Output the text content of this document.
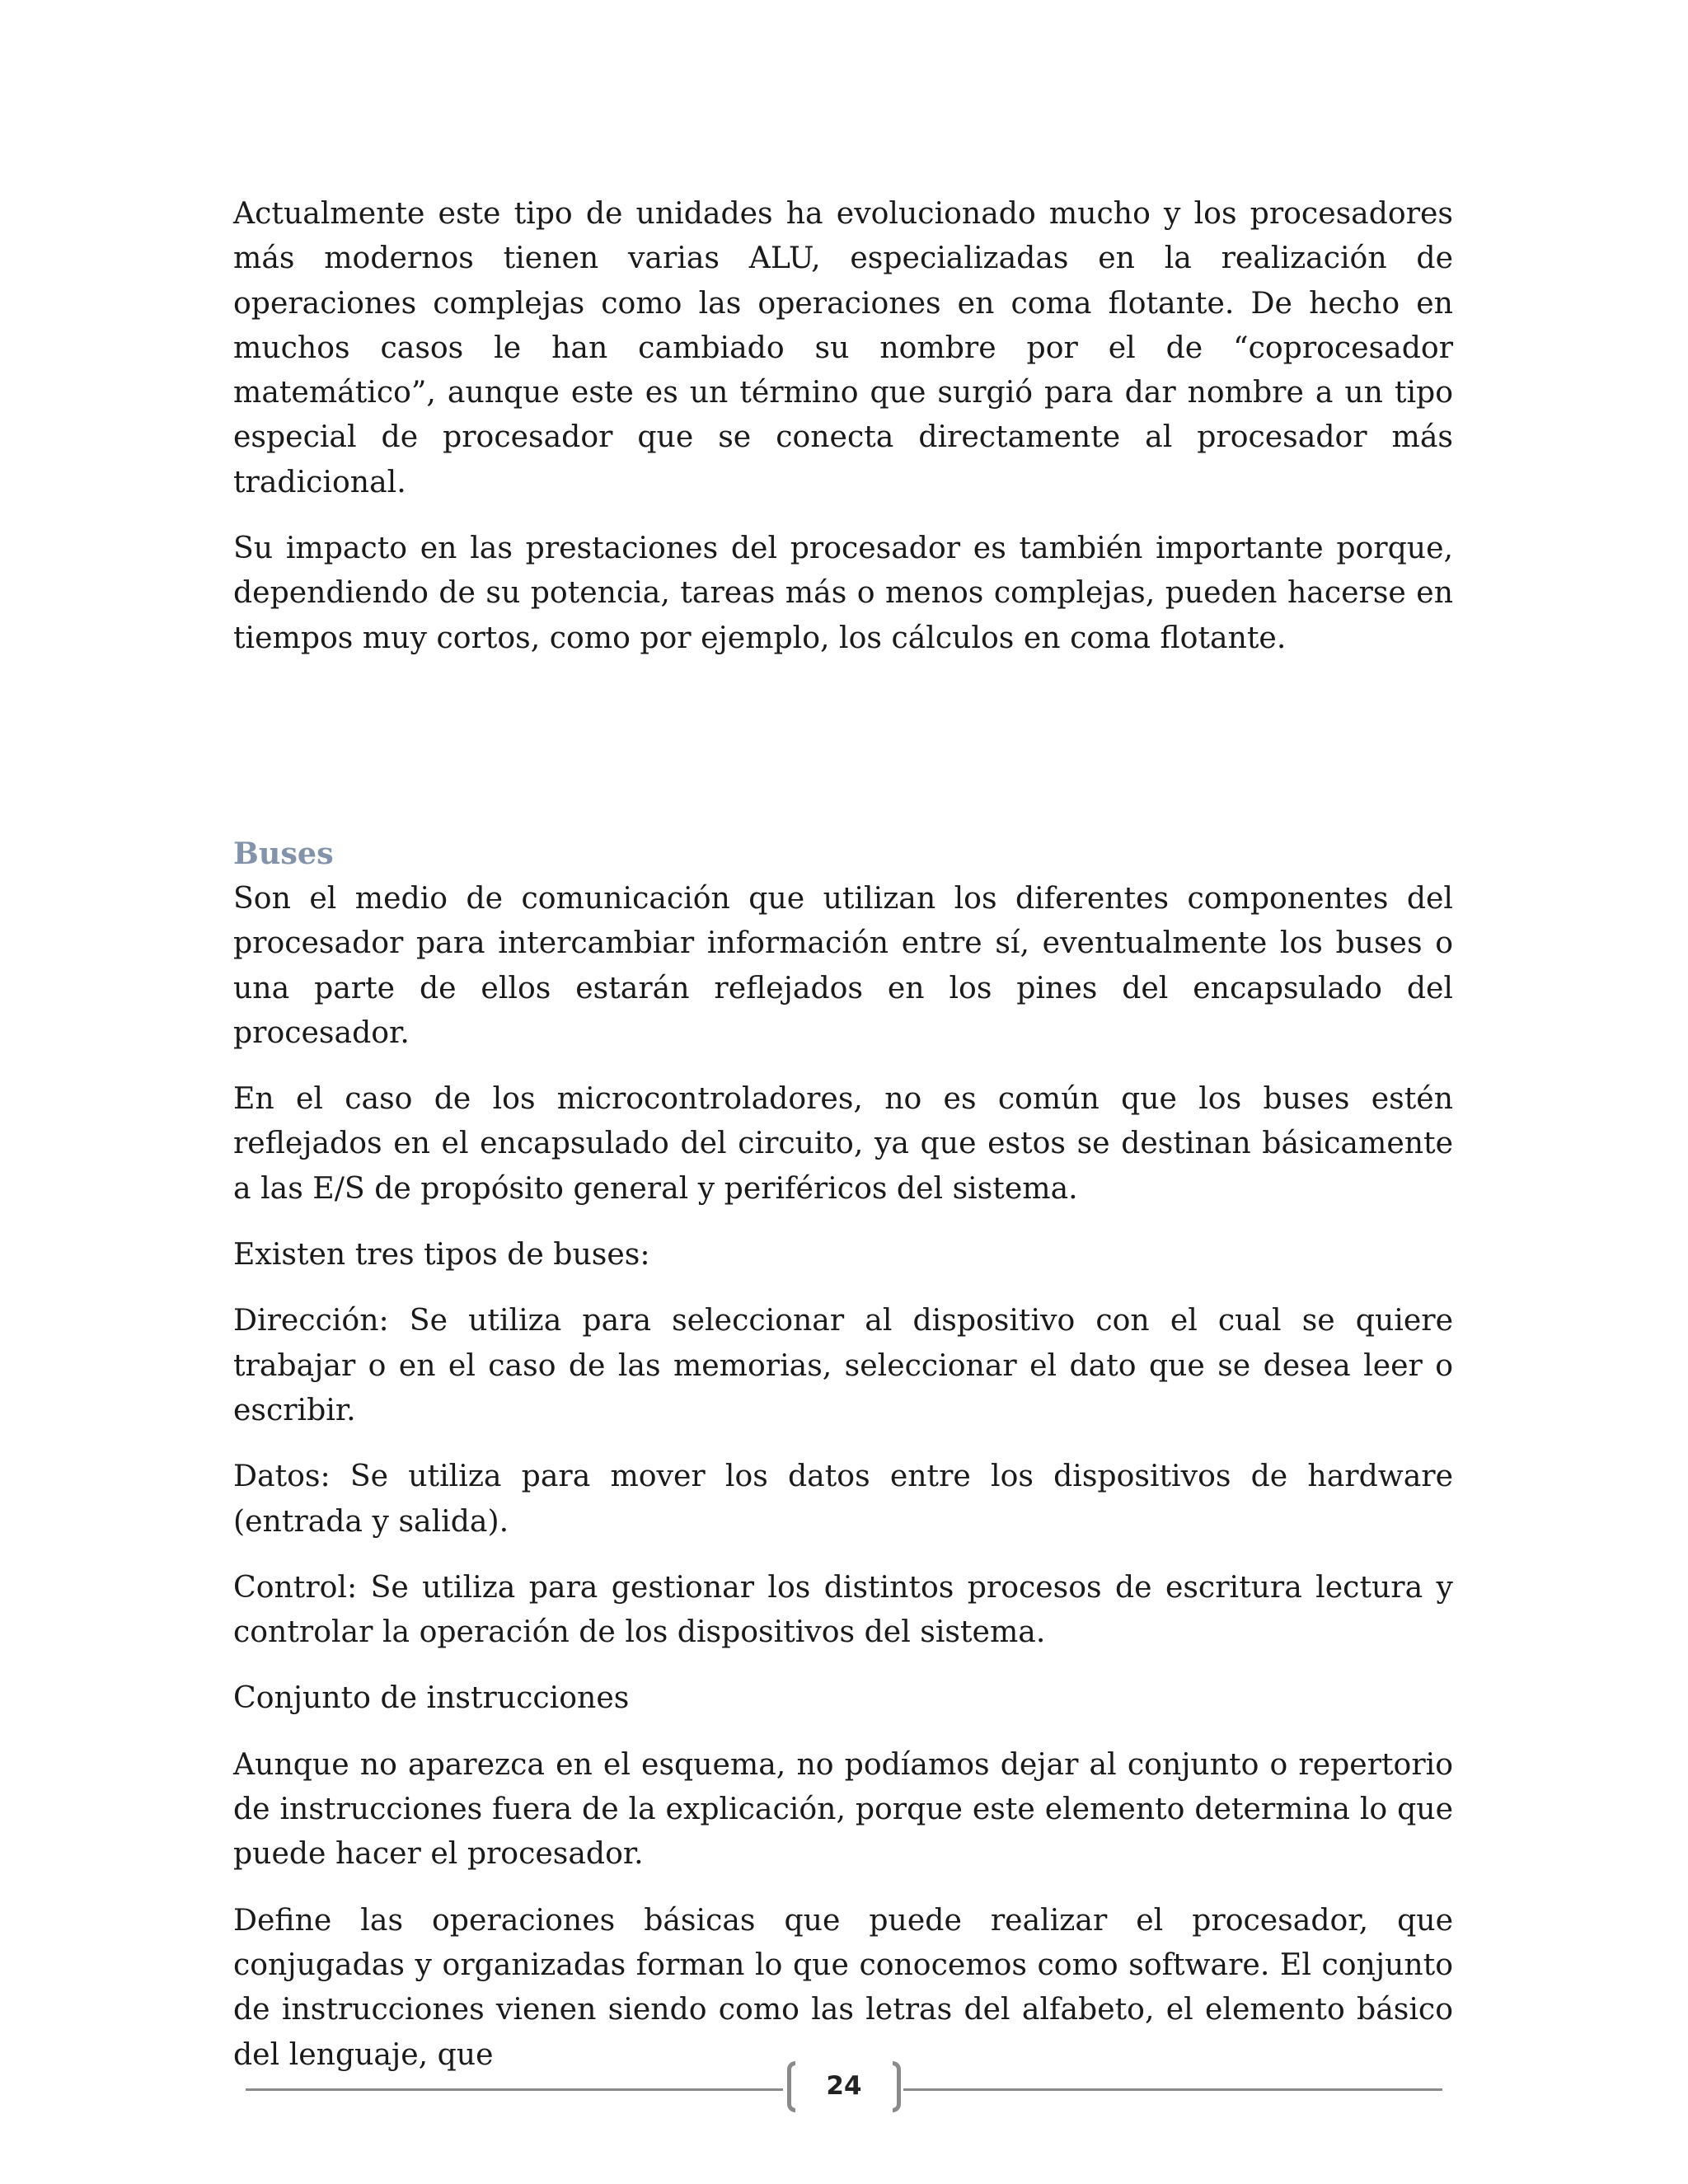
Actualmente este tipo de unidades ha evolucionado mucho y los procesadores más modernos tienen varias ALU, especializadas en la realización de operaciones complejas como las operaciones en coma flotante. De hecho en muchos casos le han cambiado su nombre por el de “coprocesador matemático”, aunque este es un término que surgió para dar nombre a un tipo especial de procesador que se conecta directamente al procesador más tradicional.

Su impacto en las prestaciones del procesador es también importante porque, dependiendo de su potencia, tareas más o menos complejas, pueden hacerse en tiempos muy cortos, como por ejemplo, los cálculos en coma flotante.

Buses

Son el medio de comunicación que utilizan los diferentes componentes del procesador para intercambiar información entre sí, eventualmente los buses o una parte de ellos estarán reflejados en los pines del encapsulado del procesador.

En el caso de los microcontroladores, no es común que los buses estén reflejados en el encapsulado del circuito, ya que estos se destinan básicamente a las E/S de propósito general y periféricos del sistema.

Existen tres tipos de buses:

Dirección: Se utiliza para seleccionar al dispositivo con el cual se quiere trabajar o en el caso de las memorias, seleccionar el dato que se desea leer o escribir.

Datos: Se utiliza para mover los datos entre los dispositivos de hardware (entrada y salida).

Control: Se utiliza para gestionar los distintos procesos de escritura lectura y controlar la operación de los dispositivos del sistema.

Conjunto de instrucciones

Aunque no aparezca en el esquema, no podíamos dejar al conjunto o repertorio de instrucciones fuera de la explicación, porque este elemento determina lo que puede hacer el procesador.

Define las operaciones básicas que puede realizar el procesador, que conjugadas y organizadas forman lo que conocemos como software. El conjunto de instrucciones vienen siendo como las letras del alfabeto, el elemento básico del lenguaje, que

24
